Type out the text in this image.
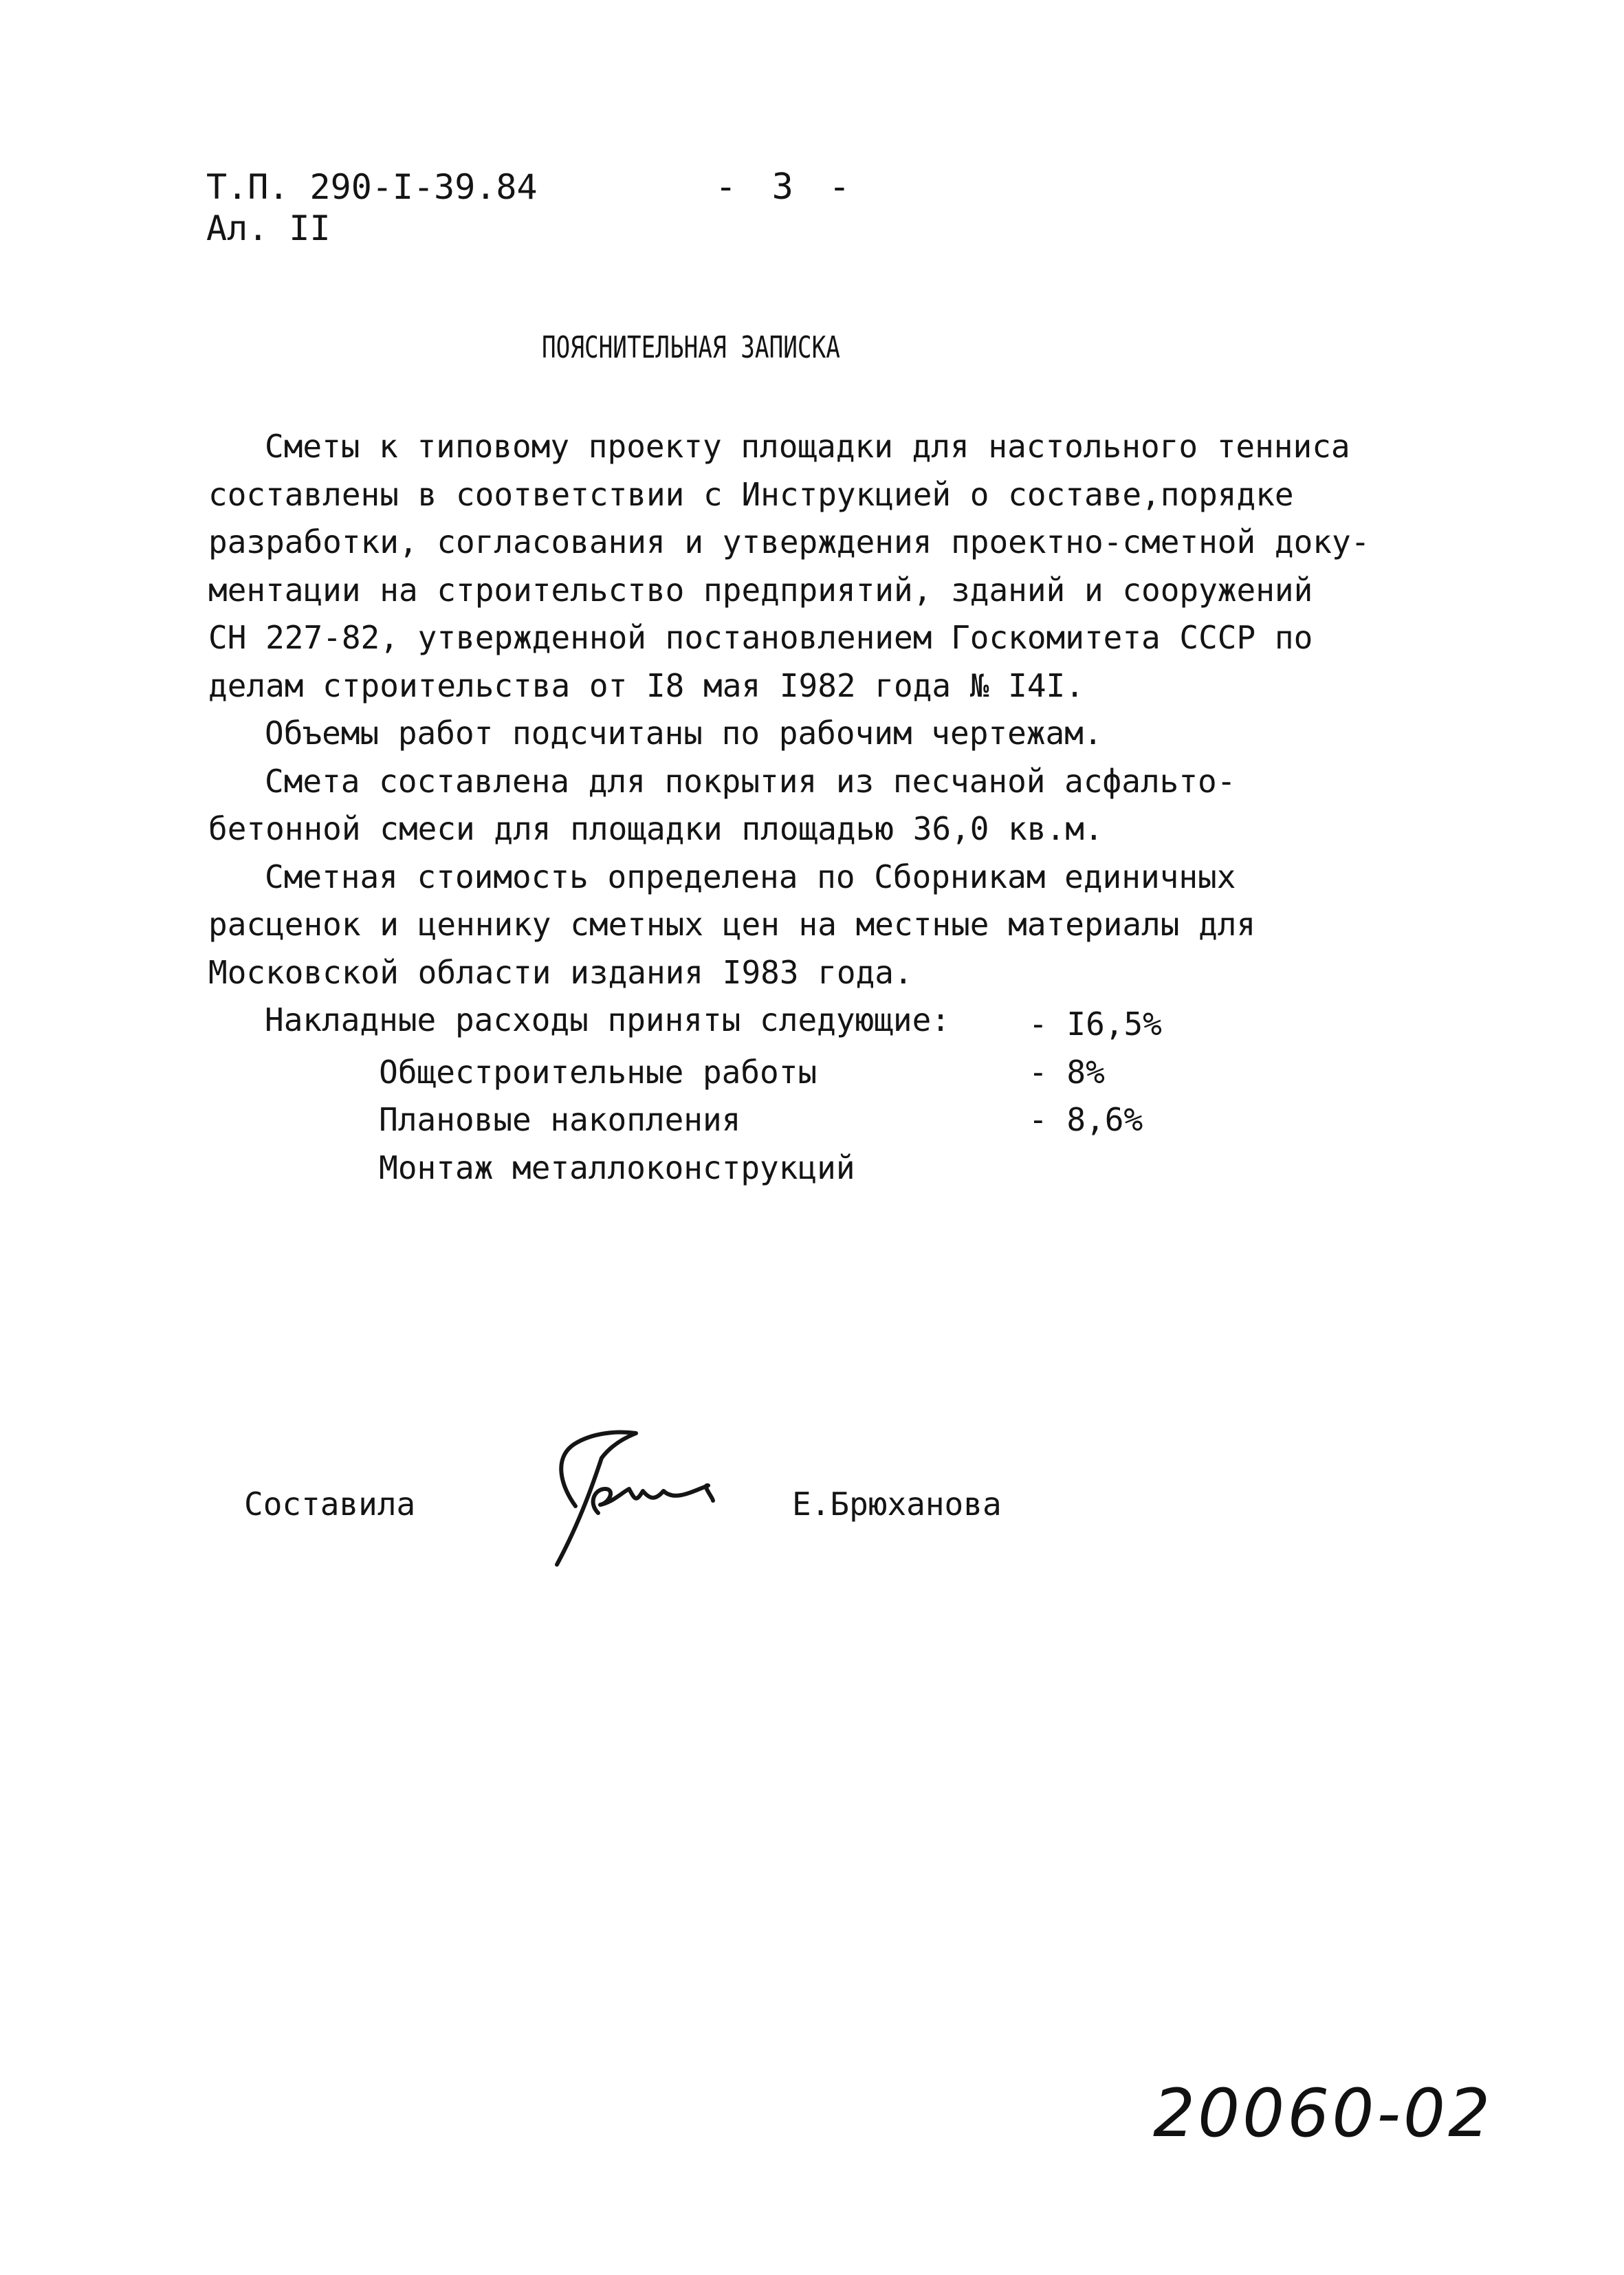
Т.П. 290-I-39.84
Ал. II
- 3 -
ПОЯСНИТЕЛЬНАЯ ЗАПИСКА
Сметы к типовому проекту площадки для настольного тенниса
составлены в соответствии с Инструкцией о составе,порядке
разработки, согласования и утверждения проектно-сметной доку-
ментации на строительство предприятий, зданий и сооружений
СН 227-82, утвержденной постановлением Госкомитета СССР по
делам строительства от I8 мая I982 года № I4I.
Объемы работ подсчитаны по рабочим чертежам.
Смета составлена для покрытия из песчаной асфальто-
бетонной смеси для площадки площадью 36,0 кв.м.
Сметная стоимость определена по Сборникам единичных
расценок и ценнику сметных цен на местные материалы для
Московской области издания I983 года.
Накладные расходы приняты следующие:

Общестроительные работы

- I6,5%

Плановые накопления

- 8%

Монтаж металлоконструкций

- 8,6%

Составила	Е.Брюханова
20060-02
